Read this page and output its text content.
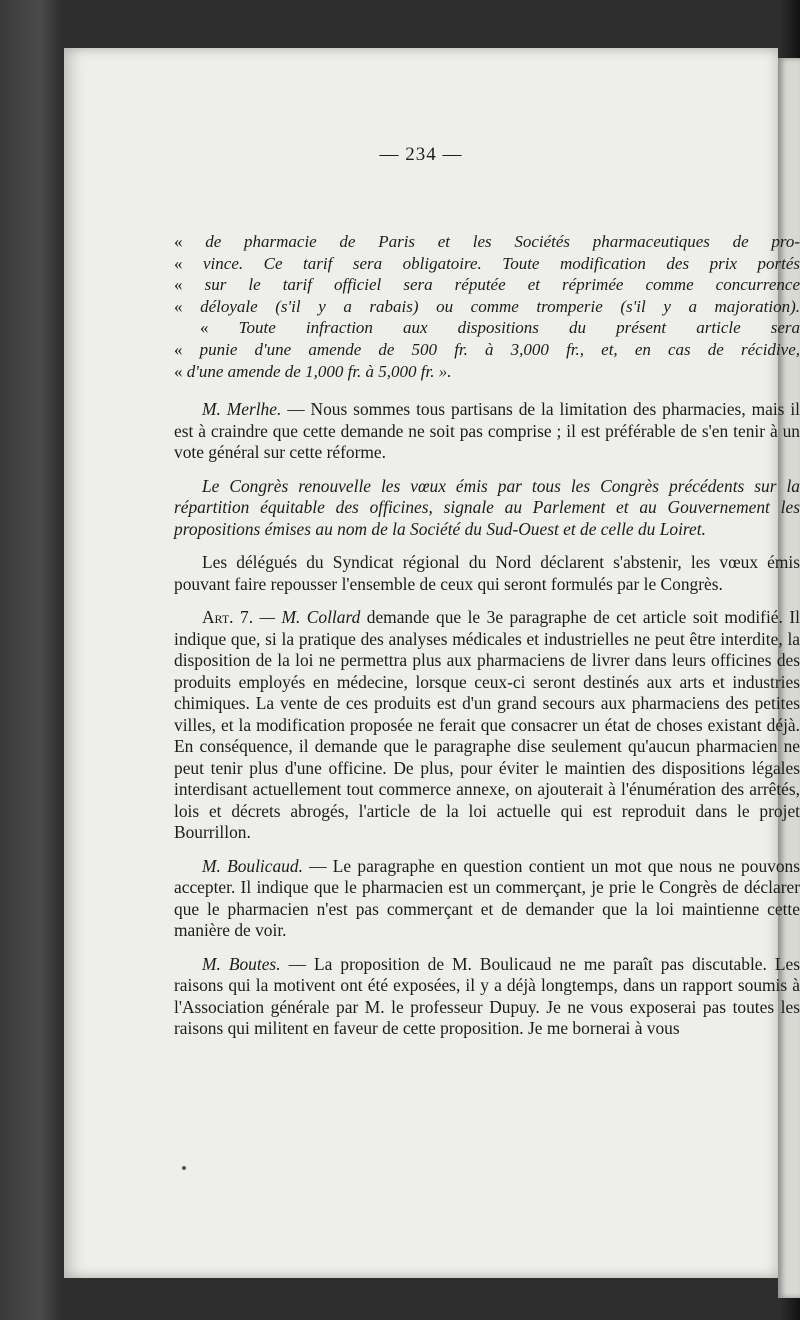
— 234 —
« de pharmacie de Paris et les Sociétés pharmaceutiques de pro-
« vince. Ce tarif sera obligatoire. Toute modification des prix portés
« sur le tarif officiel sera réputée et réprimée comme concurrence
« déloyale (s'il y a rabais) ou comme tromperie (s'il y a majoration).
« Toute infraction aux dispositions du présent article sera
« punie d'une amende de 500 fr. à 3,000 fr., et, en cas de récidive,
« d'une amende de 1,000 fr. à 5,000 fr. ».

M. Merlhe. — Nous sommes tous partisans de la limitation des pharmacies, mais il est à craindre que cette demande ne soit pas comprise ; il est préférable de s'en tenir à un vote général sur cette réforme.

Le Congrès renouvelle les vœux émis par tous les Congrès précédents sur la répartition équitable des officines, signale au Parlement et au Gouvernement les propositions émises au nom de la Société du Sud-Ouest et de celle du Loiret.

Les délégués du Syndicat régional du Nord déclarent s'abstenir, les vœux émis pouvant faire repousser l'ensemble de ceux qui seront formulés par le Congrès.

Art. 7. — M. Collard demande que le 3e paragraphe de cet article soit modifié. Il indique que, si la pratique des analyses médicales et industrielles ne peut être interdite, la disposition de la loi ne permettra plus aux pharmaciens de livrer dans leurs officines des produits employés en médecine, lorsque ceux-ci seront destinés aux arts et industries chimiques. La vente de ces produits est d'un grand secours aux pharmaciens des petites villes, et la modification proposée ne ferait que consacrer un état de choses existant déjà. En conséquence, il demande que le paragraphe dise seulement qu'aucun pharmacien ne peut tenir plus d'une officine. De plus, pour éviter le maintien des dispositions légales interdisant actuellement tout commerce annexe, on ajouterait à l'énumération des arrêtés, lois et décrets abrogés, l'article de la loi actuelle qui est reproduit dans le projet Bourrillon.

M. Boulicaud. — Le paragraphe en question contient un mot que nous ne pouvons accepter. Il indique que le pharmacien est un commerçant, je prie le Congrès de déclarer que le pharmacien n'est pas commerçant et de demander que la loi maintienne cette manière de voir.

M. Boutes. — La proposition de M. Boulicaud ne me paraît pas discutable. Les raisons qui la motivent ont été exposées, il y a déjà longtemps, dans un rapport soumis à l'Association générale par M. le professeur Dupuy. Je ne vous exposerai pas toutes les raisons qui militent en faveur de cette proposition. Je me bornerai à vous
